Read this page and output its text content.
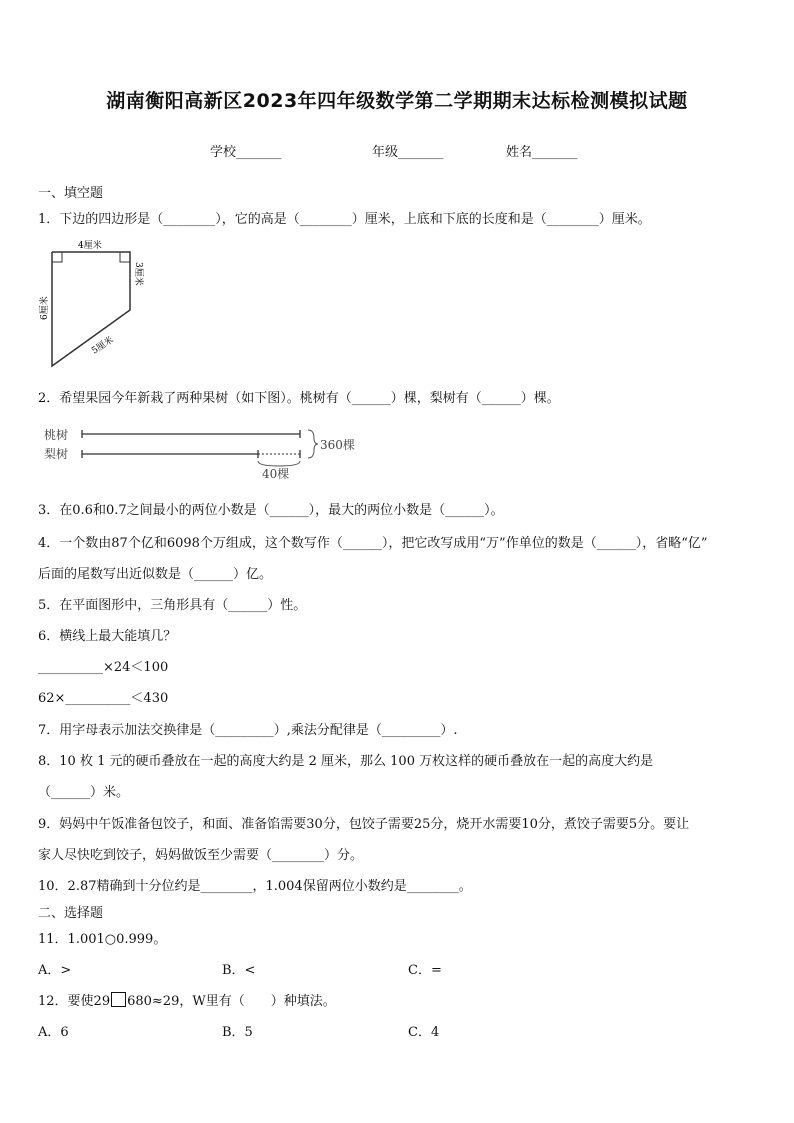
湖南衡阳高新区2023年四年级数学第二学期期末达标检测模拟试题
学校_______	年级_______	姓名_______
一、填空题
1．下边的四边形是（________），它的高是（________）厘米，上底和下底的长度和是（________）厘米。
4厘米
3厘米
6厘米
5厘米
2．希望果园今年新栽了两种果树（如下图）。桃树有（______）棵，梨树有（______）棵。
桃树
梨树
360棵
40棵
3．在0.6和0.7之间最小的两位小数是（______），最大的两位小数是（______）。
4．一个数由87个亿和6098个万组成，这个数写作（______），把它改写成用“万”作单位的数是（______），省略“亿”
后面的尾数写出近似数是（______）亿。
5．在平面图形中，三角形具有（______）性。
6．横线上最大能填几？
__________×24＜100
62×__________＜430
7．用字母表示加法交换律是（_________）,乘法分配律是（_________）.
8．10 枚 1 元的硬币叠放在一起的高度大约是 2 厘米，那么 100 万枚这样的硬币叠放在一起的高度大约是
（______）米。
9．妈妈中午饭准备包饺子，和面、准备馅需要30分，包饺子需要25分，烧开水需要10分，煮饺子需要5分。要让
家人尽快吃到饺子，妈妈做饭至少需要（________）分。
10．2.87精确到十分位约是________，1.004保留两位小数约是________。
二、选择题
11．1.001○0.999。
A．>	B．<	C．=
12．要使29 680≈29，W里有（　　）种填法。
A．6	B．5	C．4
